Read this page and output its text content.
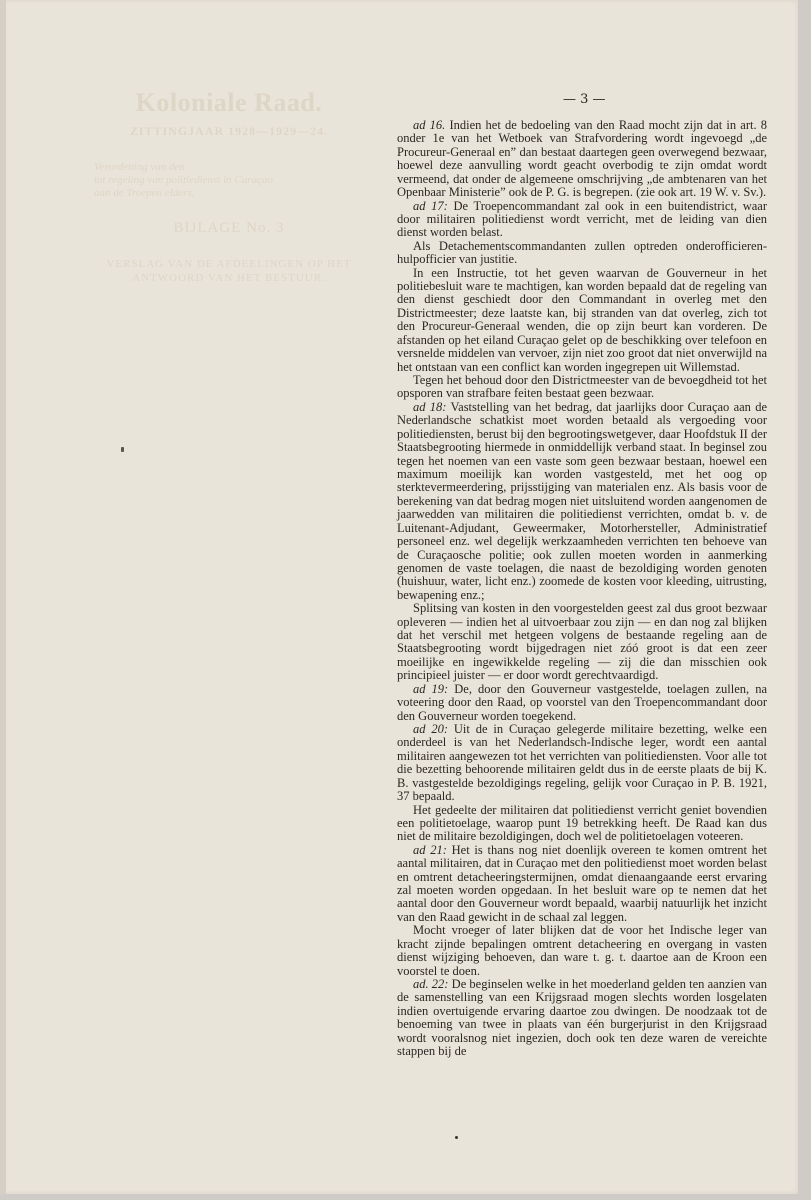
Koloniale Raad.
ZITTINGJAAR 1928—1929—24.
Verordening van den
tot regeling van politiedienst in Curaçao
aan de Troepen elders.
BIJLAGE No. 3
VERSLAG VAN DE AFDEELINGEN OP HET
ANTWOORD VAN HET BESTUUR.
— 3 —

ad 16. Indien het de bedoeling van den Raad mocht zijn dat in art. 8 onder 1e van het Wetboek van Strafvordering wordt ingevoegd „de Procureur-Generaal en” dan bestaat daartegen geen overwegend bezwaar, hoewel deze aanvulling wordt geacht overbodig te zijn omdat wordt vermeend, dat onder de algemeene omschrijving „de ambtenaren van het Openbaar Ministerie” ook de P. G. is begrepen. (zie ook art. 19 W. v. Sv.).

ad 17: De Troepencommandant zal ook in een buitendistrict, waar door militairen politiedienst wordt verricht, met de leiding van dien dienst worden belast.

Als Detachementscommandanten zullen optreden onderofficieren-hulpofficier van justitie.

In een Instructie, tot het geven waarvan de Gouverneur in het politiebesluit ware te machtigen, kan worden bepaald dat de regeling van den dienst geschiedt door den Commandant in overleg met den Districtmeester; deze laatste kan, bij stranden van dat overleg, zich tot den Procureur-Generaal wenden, die op zijn beurt kan vorderen. De afstanden op het eiland Curaçao gelet op de beschikking over telefoon en versnelde middelen van vervoer, zijn niet zoo groot dat niet onverwijld na het ontstaan van een conflict kan worden ingegrepen uit Willemstad.

Tegen het behoud door den Districtmeester van de bevoegdheid tot het opsporen van strafbare feiten bestaat geen bezwaar.

ad 18: Vaststelling van het bedrag, dat jaarlijks door Curaçao aan de Nederlandsche schatkist moet worden betaald als vergoeding voor politiediensten, berust bij den begrootingswetgever, daar Hoofdstuk II der Staatsbegrooting hiermede in onmiddellijk verband staat. In beginsel zou tegen het noemen van een vaste som geen bezwaar bestaan, hoewel een maximum moeilijk kan worden vastgesteld, met het oog op sterktevermeerdering, prijsstijging van materialen enz. Als basis voor de berekening van dat bedrag mogen niet uitsluitend worden aangenomen de jaarwedden van militairen die politiedienst verrichten, omdat b. v. de Luitenant-Adjudant, Geweermaker, Motorhersteller, Administratief personeel enz. wel degelijk werkzaamheden verrichten ten behoeve van de Curaçaosche politie; ook zullen moeten worden in aanmerking genomen de vaste toelagen, die naast de bezoldiging worden genoten (huishuur, water, licht enz.) zoomede de kosten voor kleeding, uitrusting, bewapening enz.;

Splitsing van kosten in den voorgestelden geest zal dus groot bezwaar opleveren — indien het al uitvoerbaar zou zijn — en dan nog zal blijken dat het verschil met hetgeen volgens de bestaande regeling aan de Staatsbegrooting wordt bijgedragen niet zóó groot is dat een zeer moeilijke en ingewikkelde regeling — zij die dan misschien ook principieel juister — er door wordt gerechtvaardigd.

ad 19: De, door den Gouverneur vastgestelde, toelagen zullen, na voteering door den Raad, op voorstel van den Troepencommandant door den Gouverneur worden toegekend.

ad 20: Uit de in Curaçao gelegerde militaire bezetting, welke een onderdeel is van het Nederlandsch-Indische leger, wordt een aantal militairen aangewezen tot het verrichten van politiediensten. Voor alle tot die bezetting behoorende militairen geldt dus in de eerste plaats de bij K. B. vastgestelde bezoldigings regeling, gelijk voor Curaçao in P. B. 1921, 37 bepaald.

Het gedeelte der militairen dat politiedienst verricht geniet bovendien een politietoelage, waarop punt 19 betrekking heeft. De Raad kan dus niet de militaire bezoldigingen, doch wel de politietoelagen voteeren.

ad 21: Het is thans nog niet doenlijk overeen te komen omtrent het aantal militairen, dat in Curaçao met den politiedienst moet worden belast en omtrent detacheeringstermijnen, omdat dienaangaande eerst ervaring zal moeten worden opgedaan. In het besluit ware op te nemen dat het aantal door den Gouverneur wordt bepaald, waarbij natuurlijk het inzicht van den Raad gewicht in de schaal zal leggen.

Mocht vroeger of later blijken dat de voor het Indische leger van kracht zijnde bepalingen omtrent detacheering en overgang in vasten dienst wijziging behoeven, dan ware t. g. t. daartoe aan de Kroon een voorstel te doen.

ad. 22: De beginselen welke in het moederland gelden ten aanzien van de samenstelling van een Krijgsraad mogen slechts worden losgelaten indien overtuigende ervaring daartoe zou dwingen. De noodzaak tot de benoeming van twee in plaats van één burgerjurist in den Krijgsraad wordt vooralsnog niet ingezien, doch ook ten deze waren de vereichte stappen bij de
